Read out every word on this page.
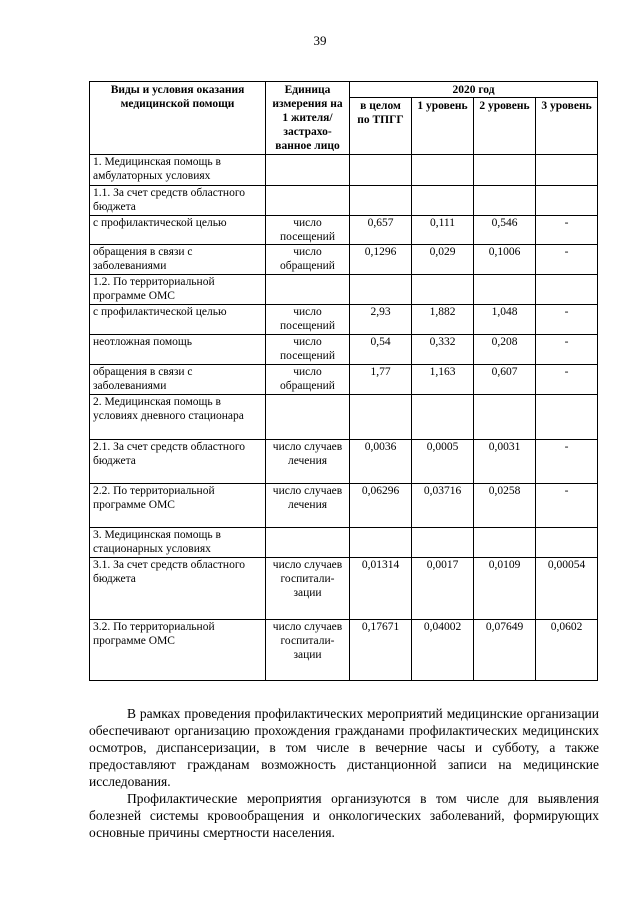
39
Виды и условия оказания медицинской помощи	Единица измерения на 1 жителя/ застрахо-ванное лицо	2020 год			
		в целом по ТПГГ	1 уровень	2 уровень	3 уровень
1. Медицинская помощь в амбулаторных условиях					
1.1. За счет средств областного бюджета					
с профилактической целью	число посещений	0,657	0,111	0,546	-
обращения в связи с заболеваниями	число обращений	0,1296	0,029	0,1006	-
1.2. По территориальной программе ОМС					
с профилактической целью	число посещений	2,93	1,882	1,048	-
неотложная помощь	число посещений	0,54	0,332	0,208	-
обращения в связи с заболеваниями	число обращений	1,77	1,163	0,607	-
2. Медицинская помощь в условиях дневного стационара					
2.1. За счет средств областного бюджета	число случаев лечения	0,0036	0,0005	0,0031	-
2.2. По территориальной программе ОМС	число случаев лечения	0,06296	0,03716	0,0258	-
3. Медицинская помощь в стационарных условиях					
3.1. За счет средств областного бюджета	число случаев госпитали-зации	0,01314	0,0017	0,0109	0,00054
3.2. По территориальной программе ОМС	число случаев госпитали-зации	0,17671	0,04002	0,07649	0,0602

В рамках проведения профилактических мероприятий медицинские организации обеспечивают организацию прохождения гражданами профилактических медицинских осмотров, диспансеризации, в том числе в вечерние часы и субботу, а также предоставляют гражданам возможность дистанционной записи на медицинские исследования.

Профилактические мероприятия организуются в том числе для выявления болезней системы кровообращения и онкологических заболеваний, формирующих основные причины смертности населения.
